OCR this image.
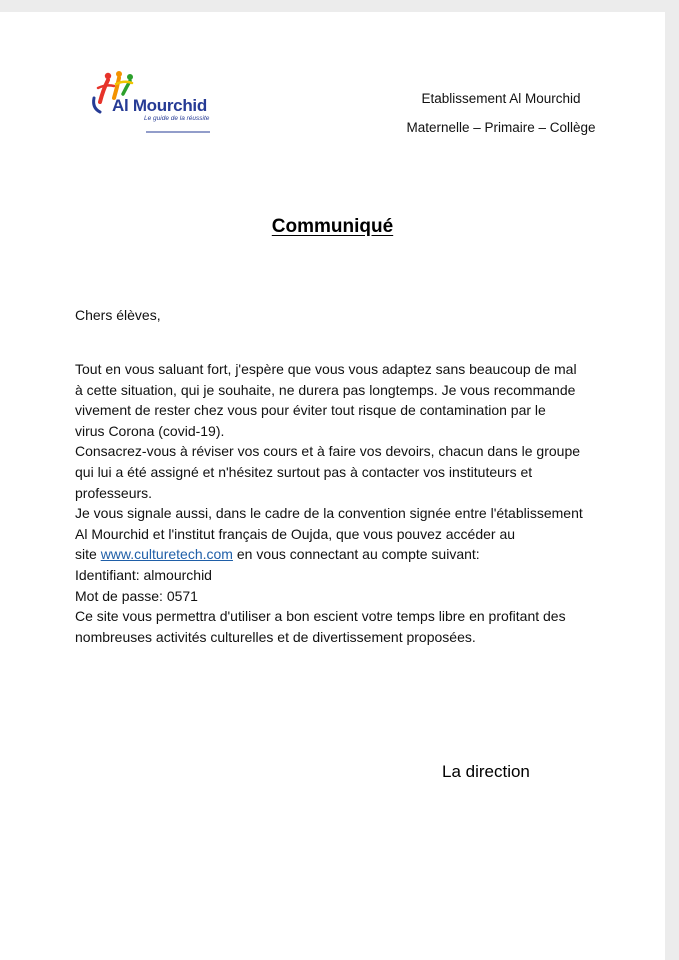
Al Mourchid
Le guide de la réussite
Etablissement Al Mourchid
Maternelle – Primaire – Collège
Communiqué
Chers élèves,
Tout en vous saluant fort, j'espère que vous vous adaptez sans beaucoup de mal
à cette situation, qui je souhaite, ne durera pas longtemps. Je vous recommande
vivement de rester chez vous pour éviter tout risque de contamination par le
virus Corona (covid-19).
Consacrez-vous à réviser vos cours et à faire vos devoirs, chacun dans le groupe
qui lui a été assigné et n'hésitez surtout pas à contacter vos instituteurs et
professeurs.
Je vous signale aussi, dans le cadre de la convention signée entre l'établissement
Al Mourchid et l'institut français de Oujda, que vous pouvez accéder au
site www.culturetech.com en vous connectant au compte suivant:
Identifiant: almourchid
Mot de passe: 0571
Ce site vous permettra d'utiliser a bon escient votre temps libre en profitant des
nombreuses activités culturelles et de divertissement proposées.
La direction
